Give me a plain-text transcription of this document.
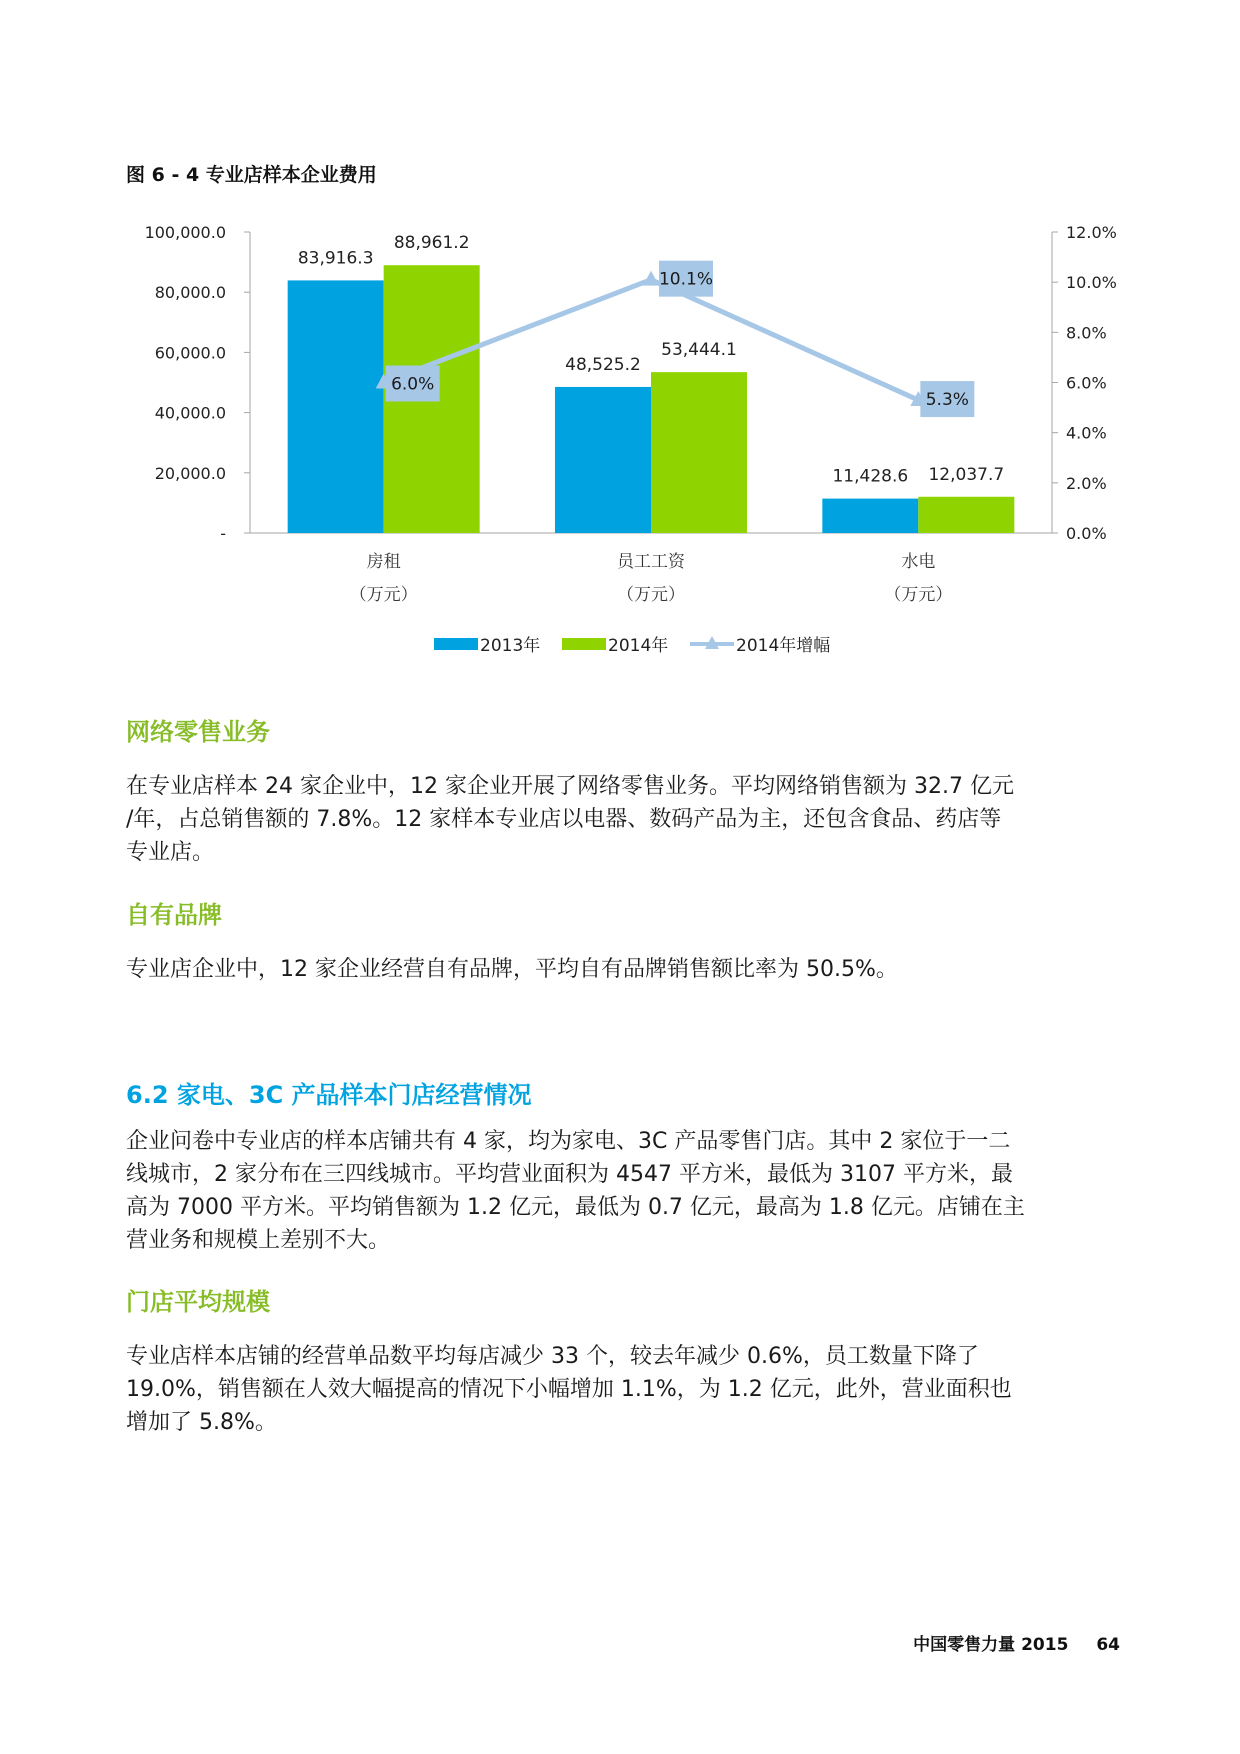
图 6 - 4 专业店样本企业费用
-
20,000.0
40,000.0
60,000.0
80,000.0
100,000.0
0.0%
2.0%
4.0%
6.0%
8.0%
10.0%
12.0%
83,916.3
88,961.2
房租
（万元）
48,525.2
53,444.1
员工工资
（万元）
11,428.6 12,037.7
水电
（万元）
6.0%
10.1%
5.3%
2013年	2014年	2014年增幅
网络零售业务
在专业店样本 24 家企业中，12 家企业开展了网络零售业务。平均网络销售额为 32.7 亿元
/年，占总销售额的 7.8%。12 家样本专业店以电器、数码产品为主，还包含食品、药店等
专业店。
自有品牌
专业店企业中，12 家企业经营自有品牌，平均自有品牌销售额比率为 50.5%。
6.2 家电、3C 产品样本门店经营情况
企业问卷中专业店的样本店铺共有 4 家，均为家电、3C 产品零售门店。其中 2 家位于一二
线城市，2 家分布在三四线城市。平均营业面积为 4547 平方米，最低为 3107 平方米，最
高为 7000 平方米。平均销售额为 1.2 亿元，最低为 0.7 亿元，最高为 1.8 亿元。店铺在主
营业务和规模上差别不大。
门店平均规模
专业店样本店铺的经营单品数平均每店减少 33 个，较去年减少 0.6%，员工数量下降了
19.0%，销售额在人效大幅提高的情况下小幅增加 1.1%，为 1.2 亿元，此外，营业面积也
增加了 5.8%。
中国零售力量 2015 64
